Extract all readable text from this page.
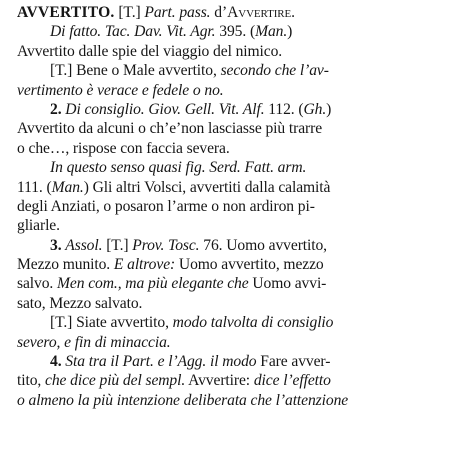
AVVERTITO. [T.] Part. pass. d’Avvertire.
Di fatto. Tac. Dav. Vit. Agr. 395. (Man.)
Avvertito dalle spie del viaggio del nimico.
[T.] Bene o Male avvertito, secondo che l’av-
vertimento è verace e fedele o no.
2. Di consiglio. Giov. Gell. Vit. Alf. 112. (Gh.)
Avvertito da alcuni o ch’e’non lasciasse più trarre
o che…, rispose con faccia severa.
In questo senso quasi fig. Serd. Fatt. arm.
111. (Man.) Gli altri Volsci, avvertiti dalla calamità
degli Anziati, o posaron l’arme o non ardiron pi-
gliarle.
3. Assol. [T.] Prov. Tosc. 76. Uomo avvertito,
Mezzo munito. E altrove: Uomo avvertito, mezzo
salvo. Men com., ma più elegante che Uomo avvi-
sato, Mezzo salvato.
[T.] Siate avvertito, modo talvolta di consiglio
severo, e fin di minaccia.
4. Sta tra il Part. e l’Agg. il modo Fare avver-
tito, che dice più del sempl. Avvertire: dice l’effetto
o almeno la più intenzione deliberata che l’attenzione
